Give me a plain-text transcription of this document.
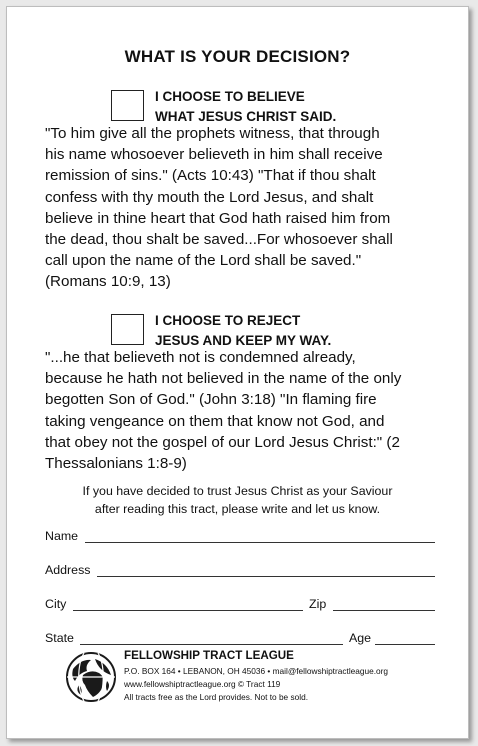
WHAT IS YOUR DECISION?
I CHOOSE TO BELIEVE
WHAT JESUS CHRIST SAID.
"To him give all the prophets witness, that through
his name whosoever believeth in him shall receive
remission of sins." (Acts 10:43) "That if thou shalt
confess with thy mouth the Lord Jesus, and shalt
believe in thine heart that God hath raised him from
the dead, thou shalt be saved...For whosoever shall
call upon the name of the Lord shall be saved."
(Romans 10:9, 13)
I CHOOSE TO REJECT
JESUS AND KEEP MY WAY.
"...he that believeth not is condemned already,
because he hath not believed in the name of the only
begotten Son of God." (John 3:18) "In flaming fire
taking vengeance on them that know not God, and
that obey not the gospel of our Lord Jesus Christ:" (2
Thessalonians 1:8-9)
If you have decided to trust Jesus Christ as your Saviour
after reading this tract, please write and let us know.
Name
Address
City	Zip
State	Age
FELLOWSHIP TRACT LEAGUE
P.O. BOX 164 • LEBANON, OH 45036 • mail@fellowshiptractleague.org
www.fellowshiptractleague.org © Tract 119
All tracts free as the Lord provides. Not to be sold.
